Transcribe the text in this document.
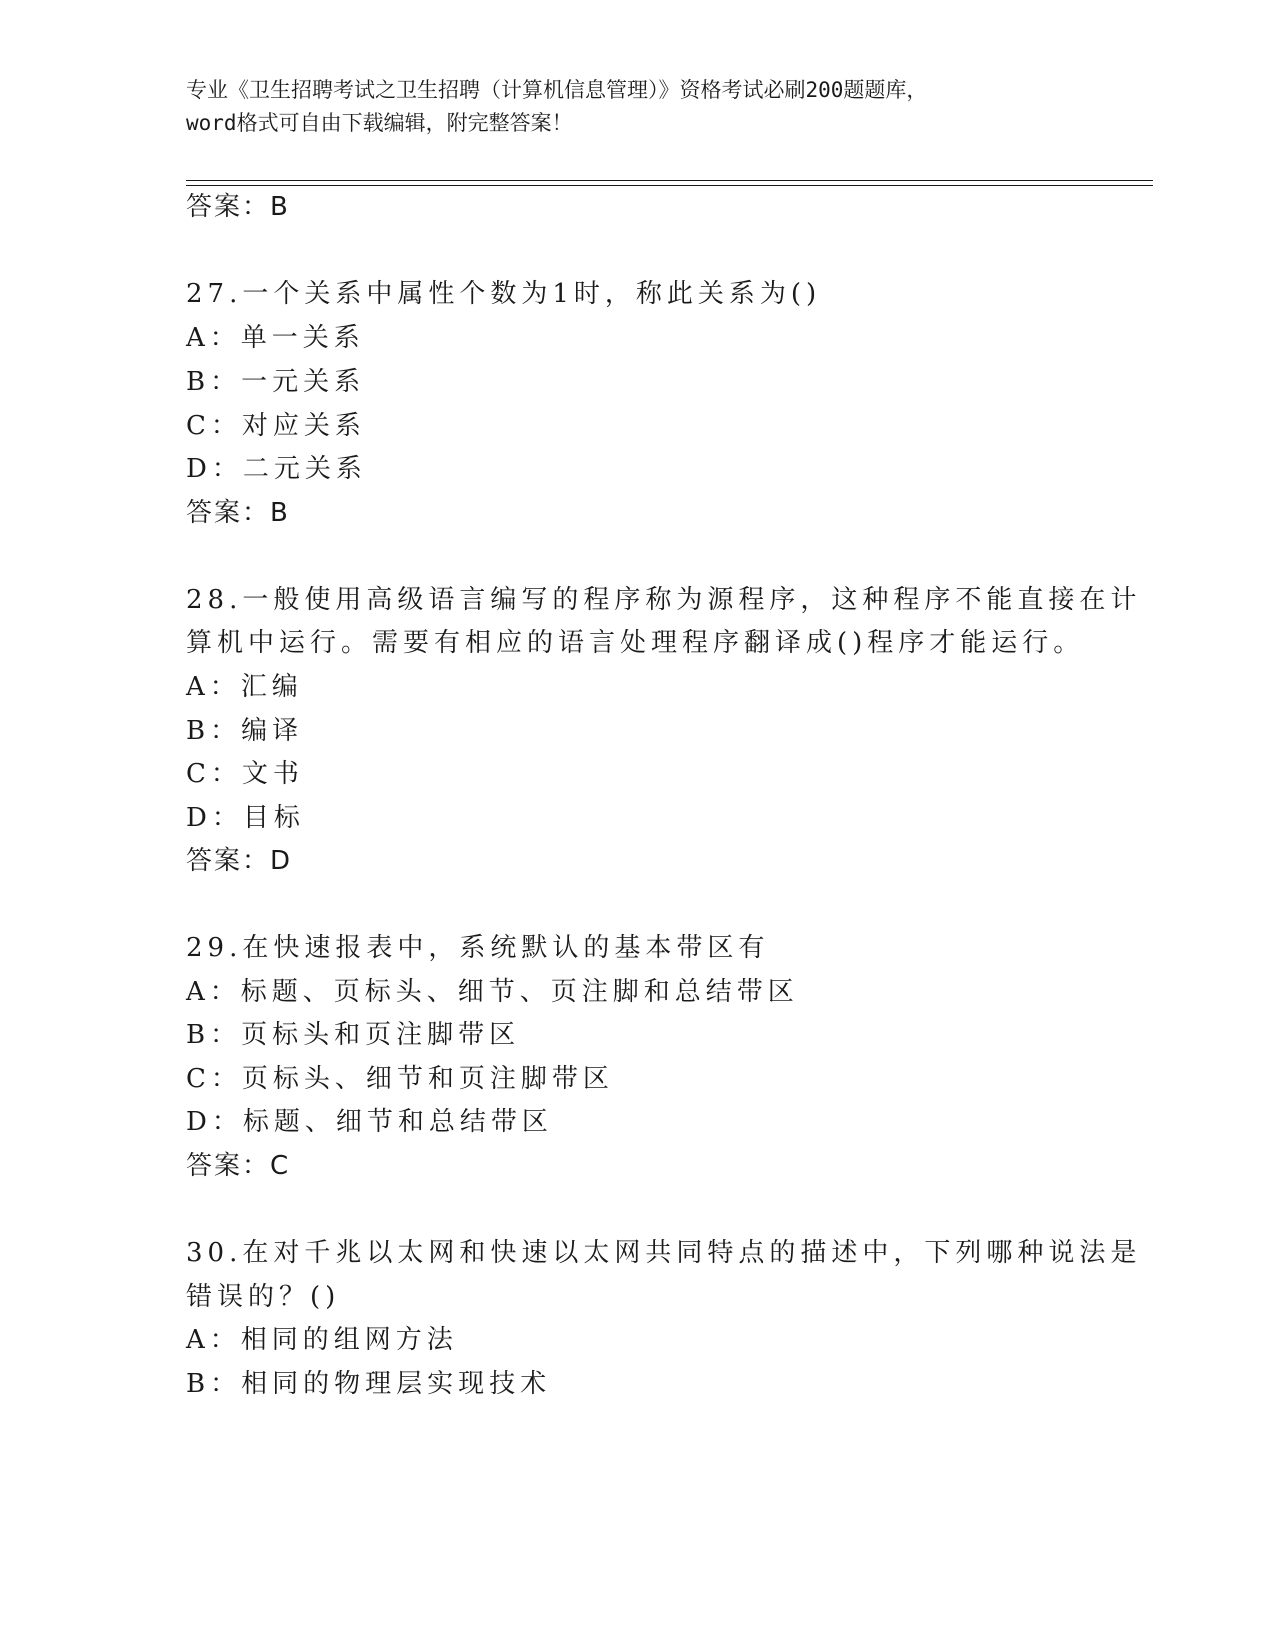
专业《卫生招聘考试之卫生招聘（计算机信息管理）》资格考试必刷200题题库，
word格式可自由下载编辑，附完整答案！
答案：B
27.一个关系中属性个数为1时，称此关系为()
A：单一关系
B：一元关系
C：对应关系
D：二元关系
答案：B
28.一般使用高级语言编写的程序称为源程序，这种程序不能直接在计
算机中运行。需要有相应的语言处理程序翻译成()程序才能运行。
A：汇编
B：编译
C：文书
D：目标
答案：D
29.在快速报表中，系统默认的基本带区有
A：标题、页标头、细节、页注脚和总结带区
B：页标头和页注脚带区
C：页标头、细节和页注脚带区
D：标题、细节和总结带区
答案：C
30.在对千兆以太网和快速以太网共同特点的描述中，下列哪种说法是
错误的？()
A：相同的组网方法
B：相同的物理层实现技术
